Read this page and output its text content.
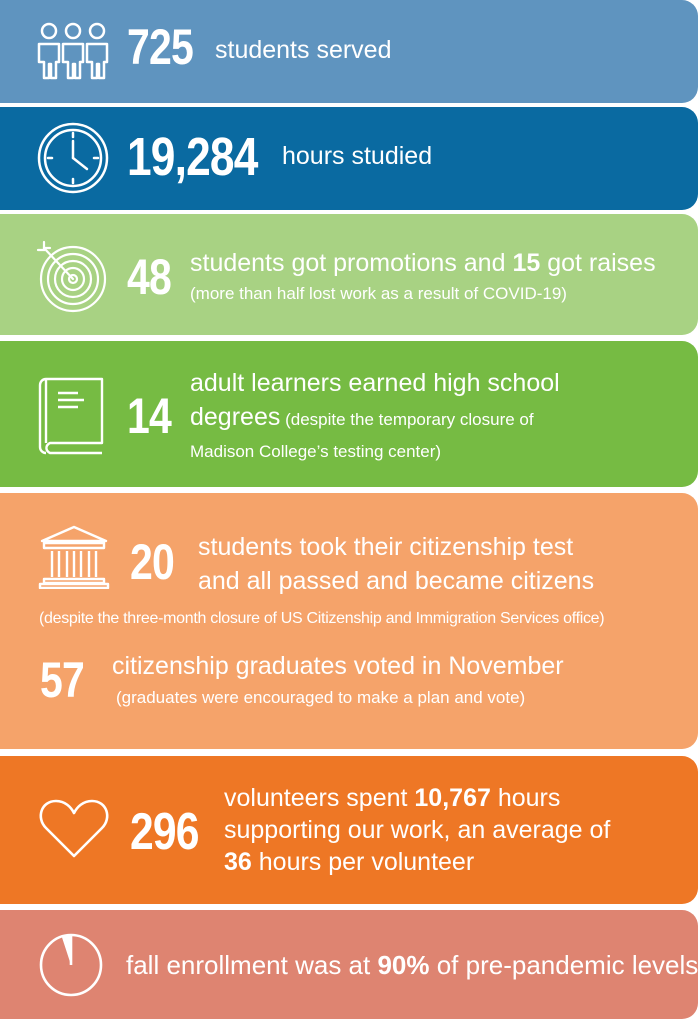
725 students served
19,284 hours studied
48 students got promotions and 15 got raises
(more than half lost work as a result of COVID-19)
14
adult learners earned high school
degrees (despite the temporary closure of
Madison College’s testing center)
20 students took their citizenship test
and all passed and became citizens
(despite the three-month closure of US Citizenship and Immigration Services office)
57 citizenship graduates voted in November
(graduates were encouraged to make a plan and vote)
296
volunteers spent 10,767 hours
supporting our work, an average of
36 hours per volunteer
fall enrollment was at 90% of pre-pandemic levels
